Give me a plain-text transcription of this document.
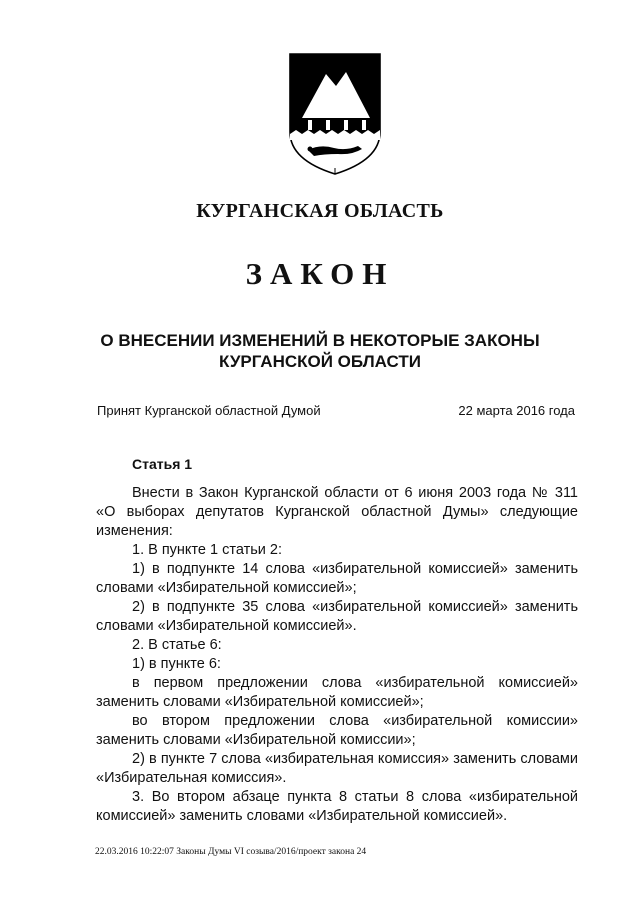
КУРГАНСКАЯ ОБЛАСТЬ
ЗАКОН
О ВНЕСЕНИИ ИЗМЕНЕНИЙ В НЕКОТОРЫЕ ЗАКОНЫ
КУРГАНСКОЙ ОБЛАСТИ
Принят Курганской областной Думой	22 марта 2016 года
Статья 1

Внести в Закон Курганской области от 6 июня 2003 года № 311 «О выборах депутатов Курганской областной Думы» следующие изменения:

1. В пункте 1 статьи 2:

1) в подпункте 14 слова «избирательной комиссией» заменить словами «Избирательной комиссией»;

2) в подпункте 35 слова «избирательной комиссией» заменить словами «Избирательной комиссией».

2. В статье 6:

1) в пункте 6:

в первом предложении слова «избирательной комиссией» заменить словами «Избирательной комиссией»;

во втором предложении слова «избирательной комиссии» заменить словами «Избирательной комиссии»;

2) в пункте 7 слова «избирательная комиссия» заменить словами «Избирательная комиссия».

3. Во втором абзаце пункта 8 статьи 8 слова «избирательной комиссией» заменить словами «Избирательной комиссией».

22.03.2016 10:22:07 Законы Думы VI созыва/2016/проект закона 24
